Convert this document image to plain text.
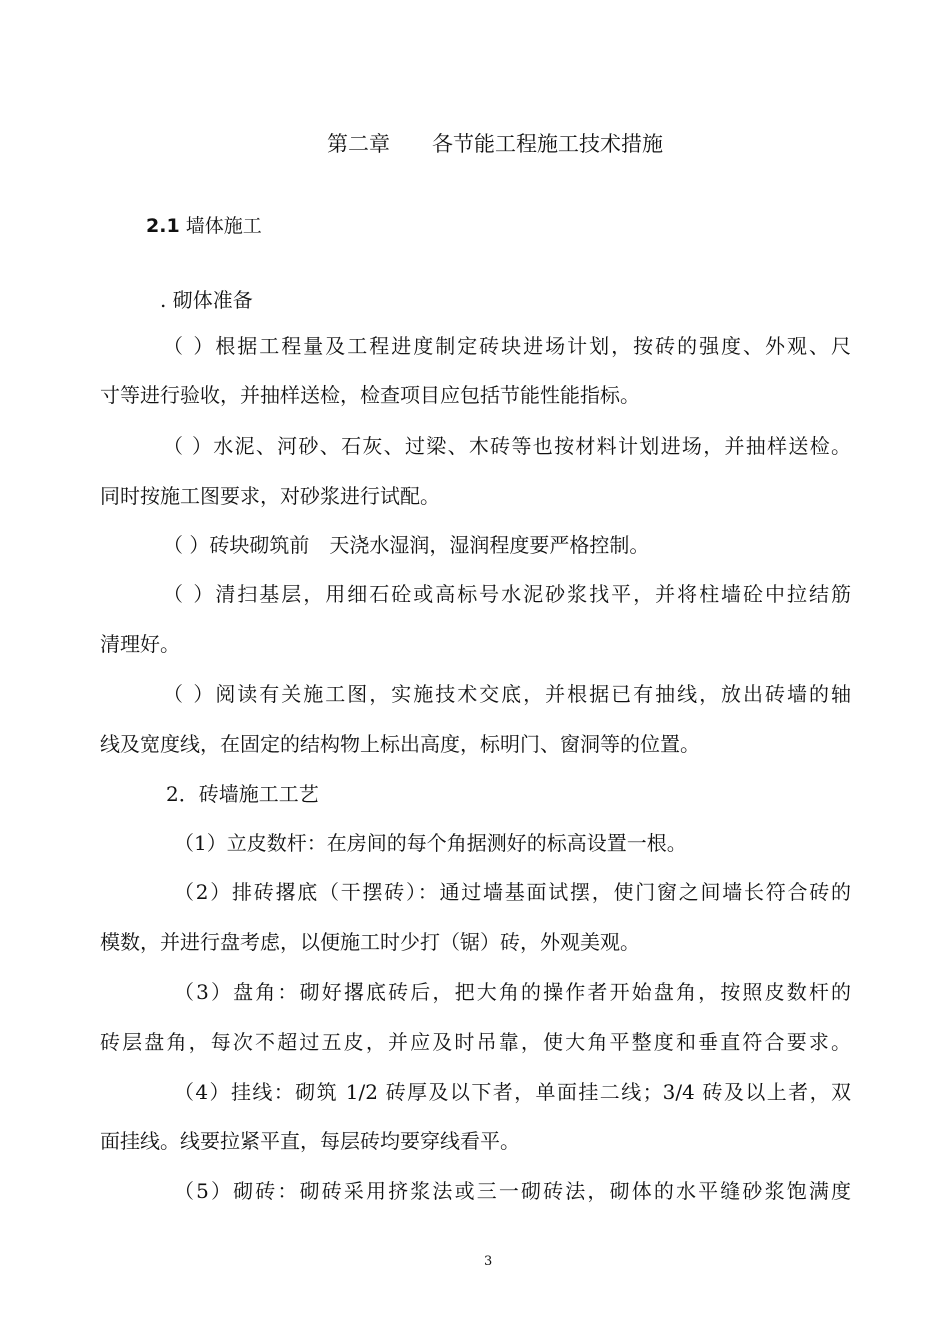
第二章　　各节能工程施工技术措施
2.1 墙体施工
. 砌体准备
（ ）根据工程量及工程进度制定砖块进场计划，按砖的强度、外观、尺
寸等进行验收，并抽样送检，检查项目应包括节能性能指标。
（ ）水泥、河砂、石灰、过梁、木砖等也按材料计划进场，并抽样送检。
同时按施工图要求，对砂浆进行试配。
（ ）砖块砌筑前　天浇水湿润，湿润程度要严格控制。
（ ）清扫基层，用细石砼或高标号水泥砂浆找平，并将柱墙砼中拉结筋
清理好。
（ ）阅读有关施工图，实施技术交底，并根据已有抽线，放出砖墙的轴
线及宽度线，在固定的结构物上标出高度，标明门、窗洞等的位置。
2．砖墙施工工艺
（1）立皮数杆：在房间的每个角据测好的标高设置一根。
（2）排砖撂底（干摆砖）：通过墙基面试摆，使门窗之间墙长符合砖的
模数，并进行盘考虑，以便施工时少打（锯）砖，外观美观。
（3）盘角：砌好撂底砖后，把大角的操作者开始盘角，按照皮数杆的
砖层盘角，每次不超过五皮，并应及时吊靠，使大角平整度和垂直符合要求。
（4）挂线：砌筑 1/2 砖厚及以下者，单面挂二线；3/4 砖及以上者，双
面挂线。线要拉紧平直，每层砖均要穿线看平。
（5）砌砖：砌砖采用挤浆法或三一砌砖法，砌体的水平缝砂浆饱满度
3
